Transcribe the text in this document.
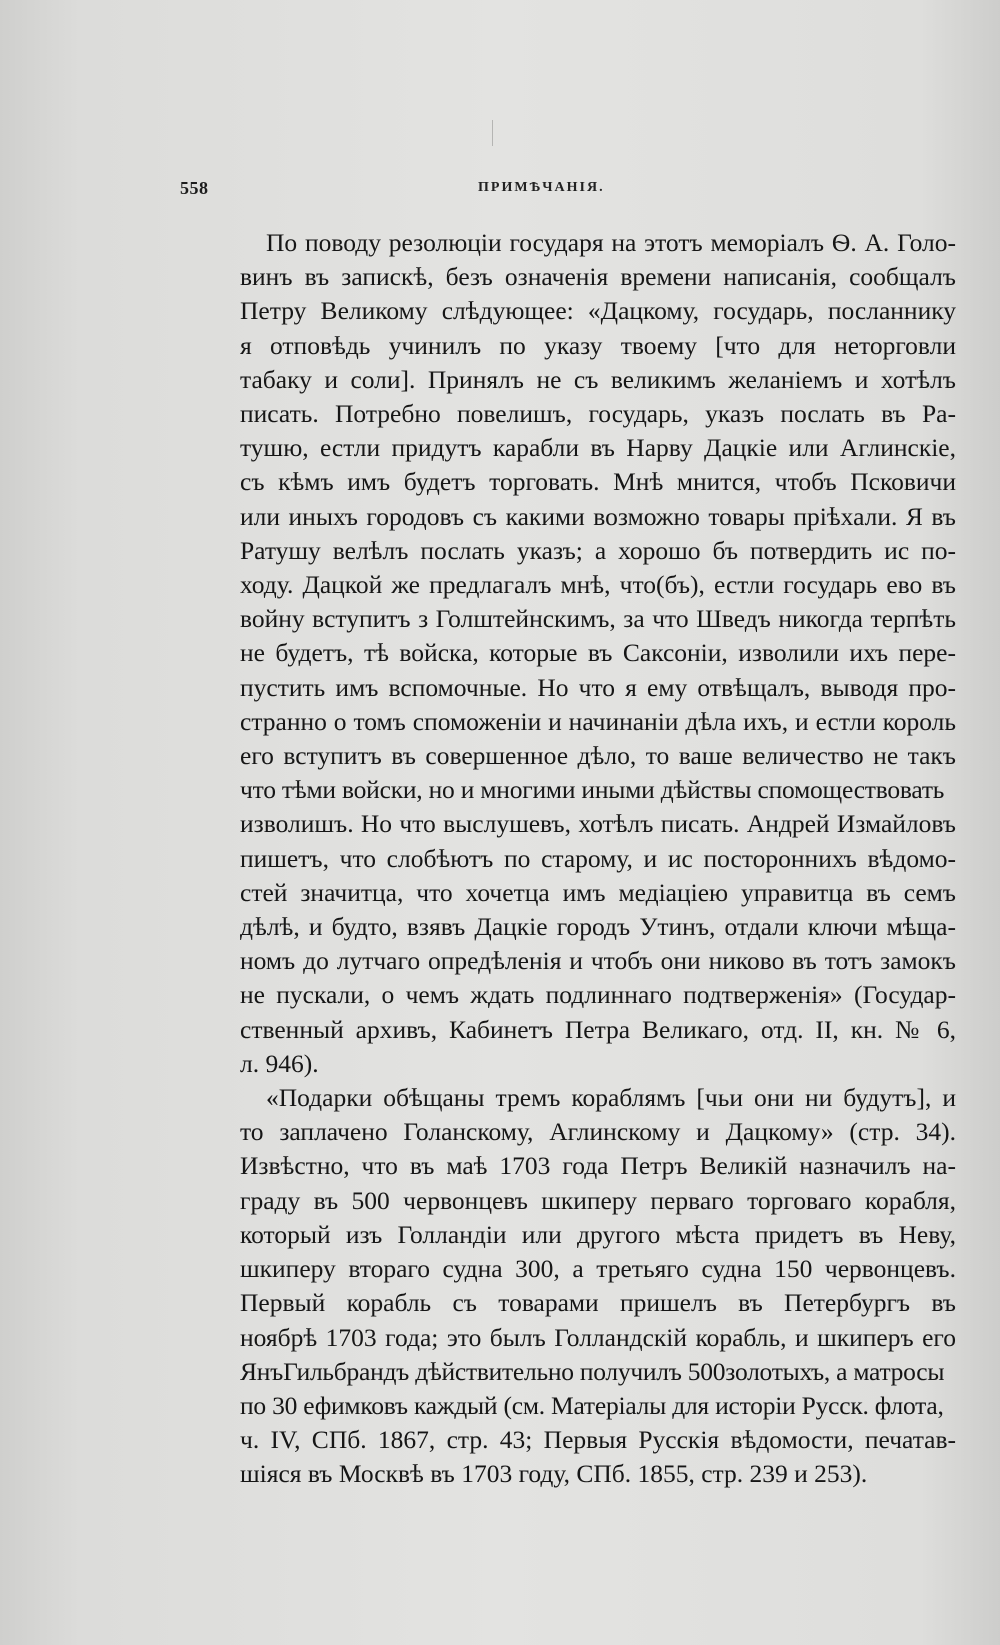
558	ПРИМѢЧАНІЯ.

По поводу резолюціи государя на этотъ меморіалъ Ѳ. А. Голо-
винъ въ запискѣ, безъ означенія времени написанія, сообщалъ
Петру Великому слѣдующее: «Дацкому, государь, посланнику
я отповѣдь учинилъ по указу твоему [что для неторговли
табаку и соли]. Принялъ не съ великимъ желаніемъ и хотѣлъ
писать. Потребно повелишъ, государь, указъ послать въ Ра-
тушю, естли придутъ карабли въ Нарву Дацкіе или Аглинскіе,
съ кѣмъ имъ будетъ торговать. Мнѣ мнится, чтобъ Псковичи
или иныхъ городовъ съ какими возможно товары пріѣхали. Я въ
Ратушу велѣлъ послать указъ; а хорошо бъ потвердить ис по-
ходу. Дацкой же предлагалъ мнѣ, что(бъ), естли государь ево въ
войну вступитъ з Голштейнскимъ, за что Шведъ никогда терпѣть
не будетъ, тѣ войска, которые въ Саксоніи, изволили ихъ пере-
пустить имъ вспомочные. Но что я ему отвѣщалъ, выводя про-
странно о томъ споможеніи и начинаніи дѣла ихъ, и естли король
его вступитъ въ совершенное дѣло, то ваше величество не такъ
что тѣми войски, но и многими иными дѣйствы спомоществовать
изволишъ. Но что выслушевъ, хотѣлъ писать. Андрей Измайловъ
пишетъ, что слобѣютъ по старому, и ис постороннихъ вѣдомо-
стей значитца, что хочетца имъ медіаціею управитца въ семъ
дѣлѣ, и будто, взявъ Дацкіе городъ Утинъ, отдали ключи мѣща-
номъ до лутчаго опредѣленія и чтобъ они никово въ тотъ замокъ
не пускали, о чемъ ждать подлиннаго подтверженія» (Государ-
ственный архивъ, Кабинетъ Петра Великаго, отд. II, кн. № 6,
л. 946).

«Подарки обѣщаны тремъ кораблямъ [чьи они ни будутъ], и
то заплачено Голанскому, Аглинскому и Дацкому» (стр. 34).
Извѣстно, что въ маѣ 1703 года Петръ Великій назначилъ на-
граду въ 500 червонцевъ шкиперу перваго торговаго корабля,
который изъ Голландіи или другого мѣста придетъ въ Неву,
шкиперу втораго судна 300, а третьяго судна 150 червонцевъ.
Первый корабль съ товарами пришелъ въ Петербургъ въ
ноябрѣ 1703 года; это былъ Голландскій корабль, и шкиперъ его
ЯнъГильбрандъ дѣйствительно получилъ 500золотыхъ, а матросы
по 30 ефимковъ каждый (см. Матеріалы для исторіи Русск. флота,
ч. IV, СПб. 1867, стр. 43; Первыя Русскія вѣдомости, печатав-
шіяся въ Москвѣ въ 1703 году, СПб. 1855, стр. 239 и 253).
